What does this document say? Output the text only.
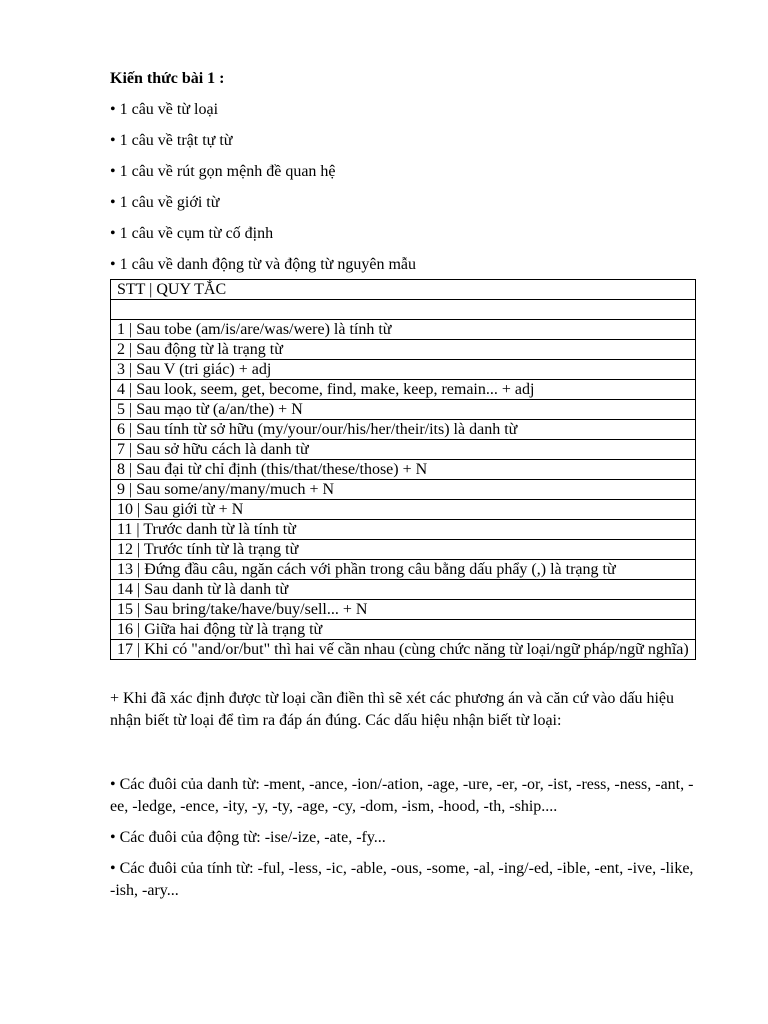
Kiến thức bài 1 :

• 1 câu về từ loại
• 1 câu về trật tự từ
• 1 câu về rút gọn mệnh đề quan hệ
• 1 câu về giới từ
• 1 câu về cụm từ cố định
• 1 câu về danh động từ và động từ nguyên mẫu
STT | QUY TẮC

1 | Sau tobe (am/is/are/was/were) là tính từ
2 | Sau động từ là trạng từ
3 | Sau V (tri giác) + adj
4 | Sau look, seem, get, become, find, make, keep, remain... + adj
5 | Sau mạo từ (a/an/the) + N
6 | Sau tính từ sở hữu (my/your/our/his/her/their/its) là danh từ
7 | Sau sở hữu cách là danh từ
8 | Sau đại từ chỉ định (this/that/these/those) + N
9 | Sau some/any/many/much + N
10 | Sau giới từ + N
11 | Trước danh từ là tính từ
12 | Trước tính từ là trạng từ
13 | Đứng đầu câu, ngăn cách với phần trong câu bằng dấu phẩy (,) là trạng từ
14 | Sau danh từ là danh từ
15 | Sau bring/take/have/buy/sell... + N
16 | Giữa hai động từ là trạng từ
17 | Khi có "and/or/but" thì hai vế cần nhau (cùng chức năng từ loại/ngữ pháp/ngữ nghĩa)

+ Khi đã xác định được từ loại cần điền thì sẽ xét các phương án và căn cứ vào dấu hiệu nhận biết từ loại để tìm ra đáp án đúng. Các dấu hiệu nhận biết từ loại:

• Các đuôi của danh từ: -ment, -ance, -ion/-ation, -age, -ure, -er, -or, -ist, -ress, -ness, -ant, -ee, -ledge, -ence, -ity, -y, -ty, -age, -cy, -dom, -ism, -hood, -th, -ship....

• Các đuôi của động từ: -ise/-ize, -ate, -fy...

• Các đuôi của tính từ: -ful, -less, -ic, -able, -ous, -some, -al, -ing/-ed, -ible, -ent, -ive, -like, -ish, -ary...
